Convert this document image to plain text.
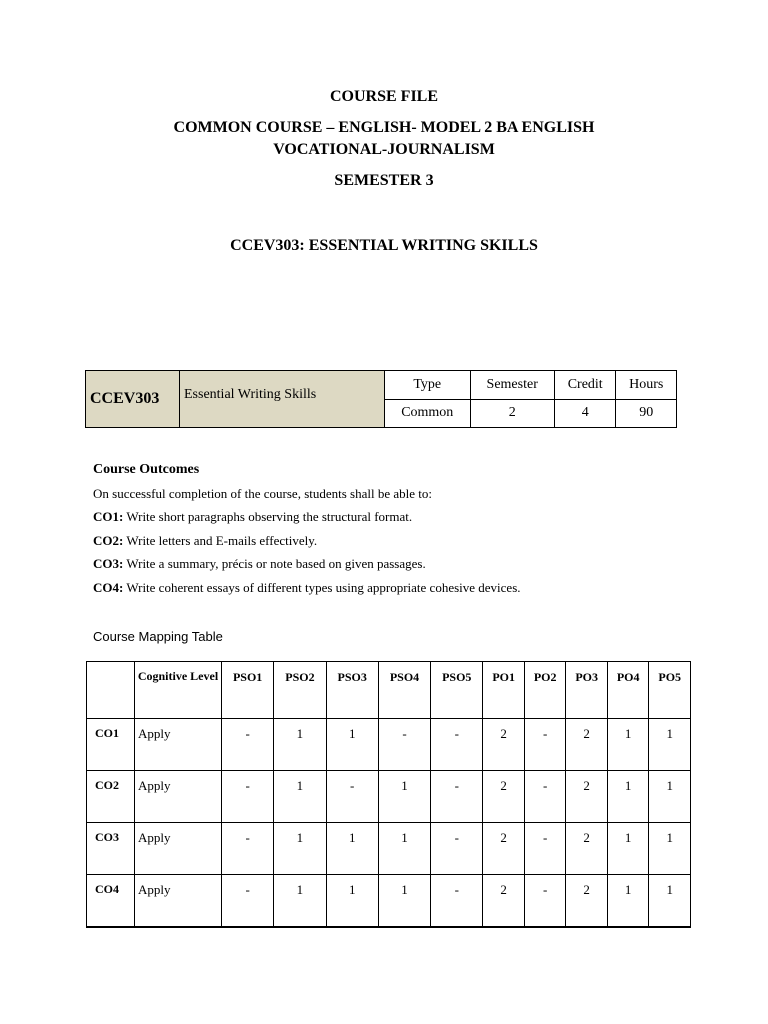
COURSE FILE
COMMON COURSE – ENGLISH- MODEL 2 BA ENGLISH
VOCATIONAL-JOURNALISM
SEMESTER 3
CCEV303: ESSENTIAL WRITING SKILLS
CCEV303	Essential Writing Skills	Type	Semester	Credit	Hours
		Common	2	4	90
Course Outcomes
On successful completion of the course, students shall be able to:
CO1: Write short paragraphs observing the structural format.
CO2: Write letters and E-mails effectively.
CO3: Write a summary, précis or note based on given passages.
CO4: Write coherent essays of different types using appropriate cohesive devices.
Course Mapping Table
	Cognitive Level	PSO1	PSO2	PSO3	PSO4	PSO5	PO1	PO2	PO3	PO4	PO5
CO1	Apply	-	1	1	-	-	2	-	2	1	1
CO2	Apply	-	1	-	1	-	2	-	2	1	1
CO3	Apply	-	1	1	1	-	2	-	2	1	1
CO4	Apply	-	1	1	1	-	2	-	2	1	1
